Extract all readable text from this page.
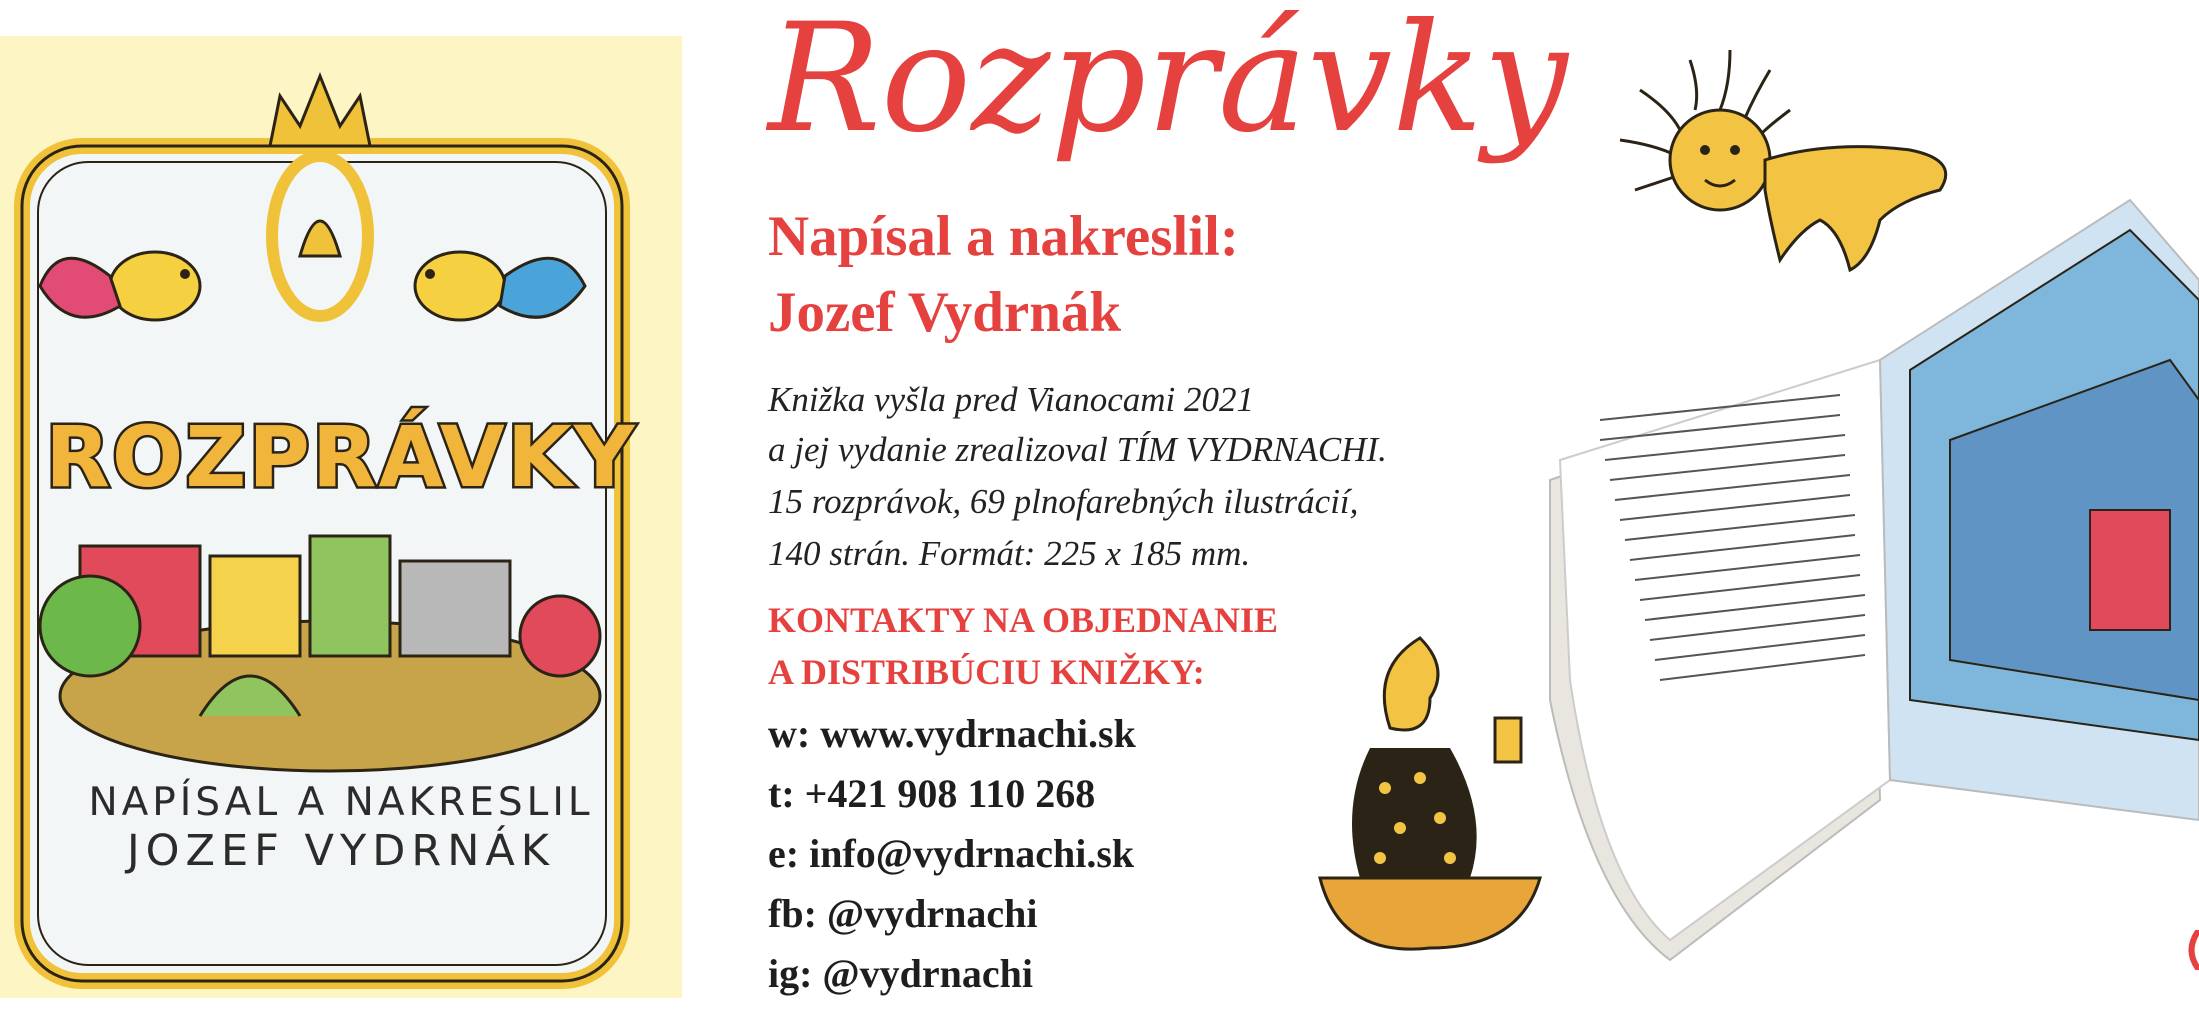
ROZPRÁVKY
NAPÍSAL A NAKRESLIL
JOZEF VYDRNÁK
Rozprávky
Napísal a nakreslil:
Jozef Vydrnák
Knižka vyšla pred Vianocami 2021
a jej vydanie zrealizoval TÍM VYDRNACHI.
15 rozprávok, 69 plnofarebných ilustrácií,
140 strán. Formát: 225 x 185 mm.
KONTAKTY NA OBJEDNANIE
A DISTRIBÚCIU KNIŽKY:
w: www.vydrnachi.sk
t: +421 908 110 268
e: info@vydrnachi.sk
fb: @vydrnachi
ig: @vydrnachi
